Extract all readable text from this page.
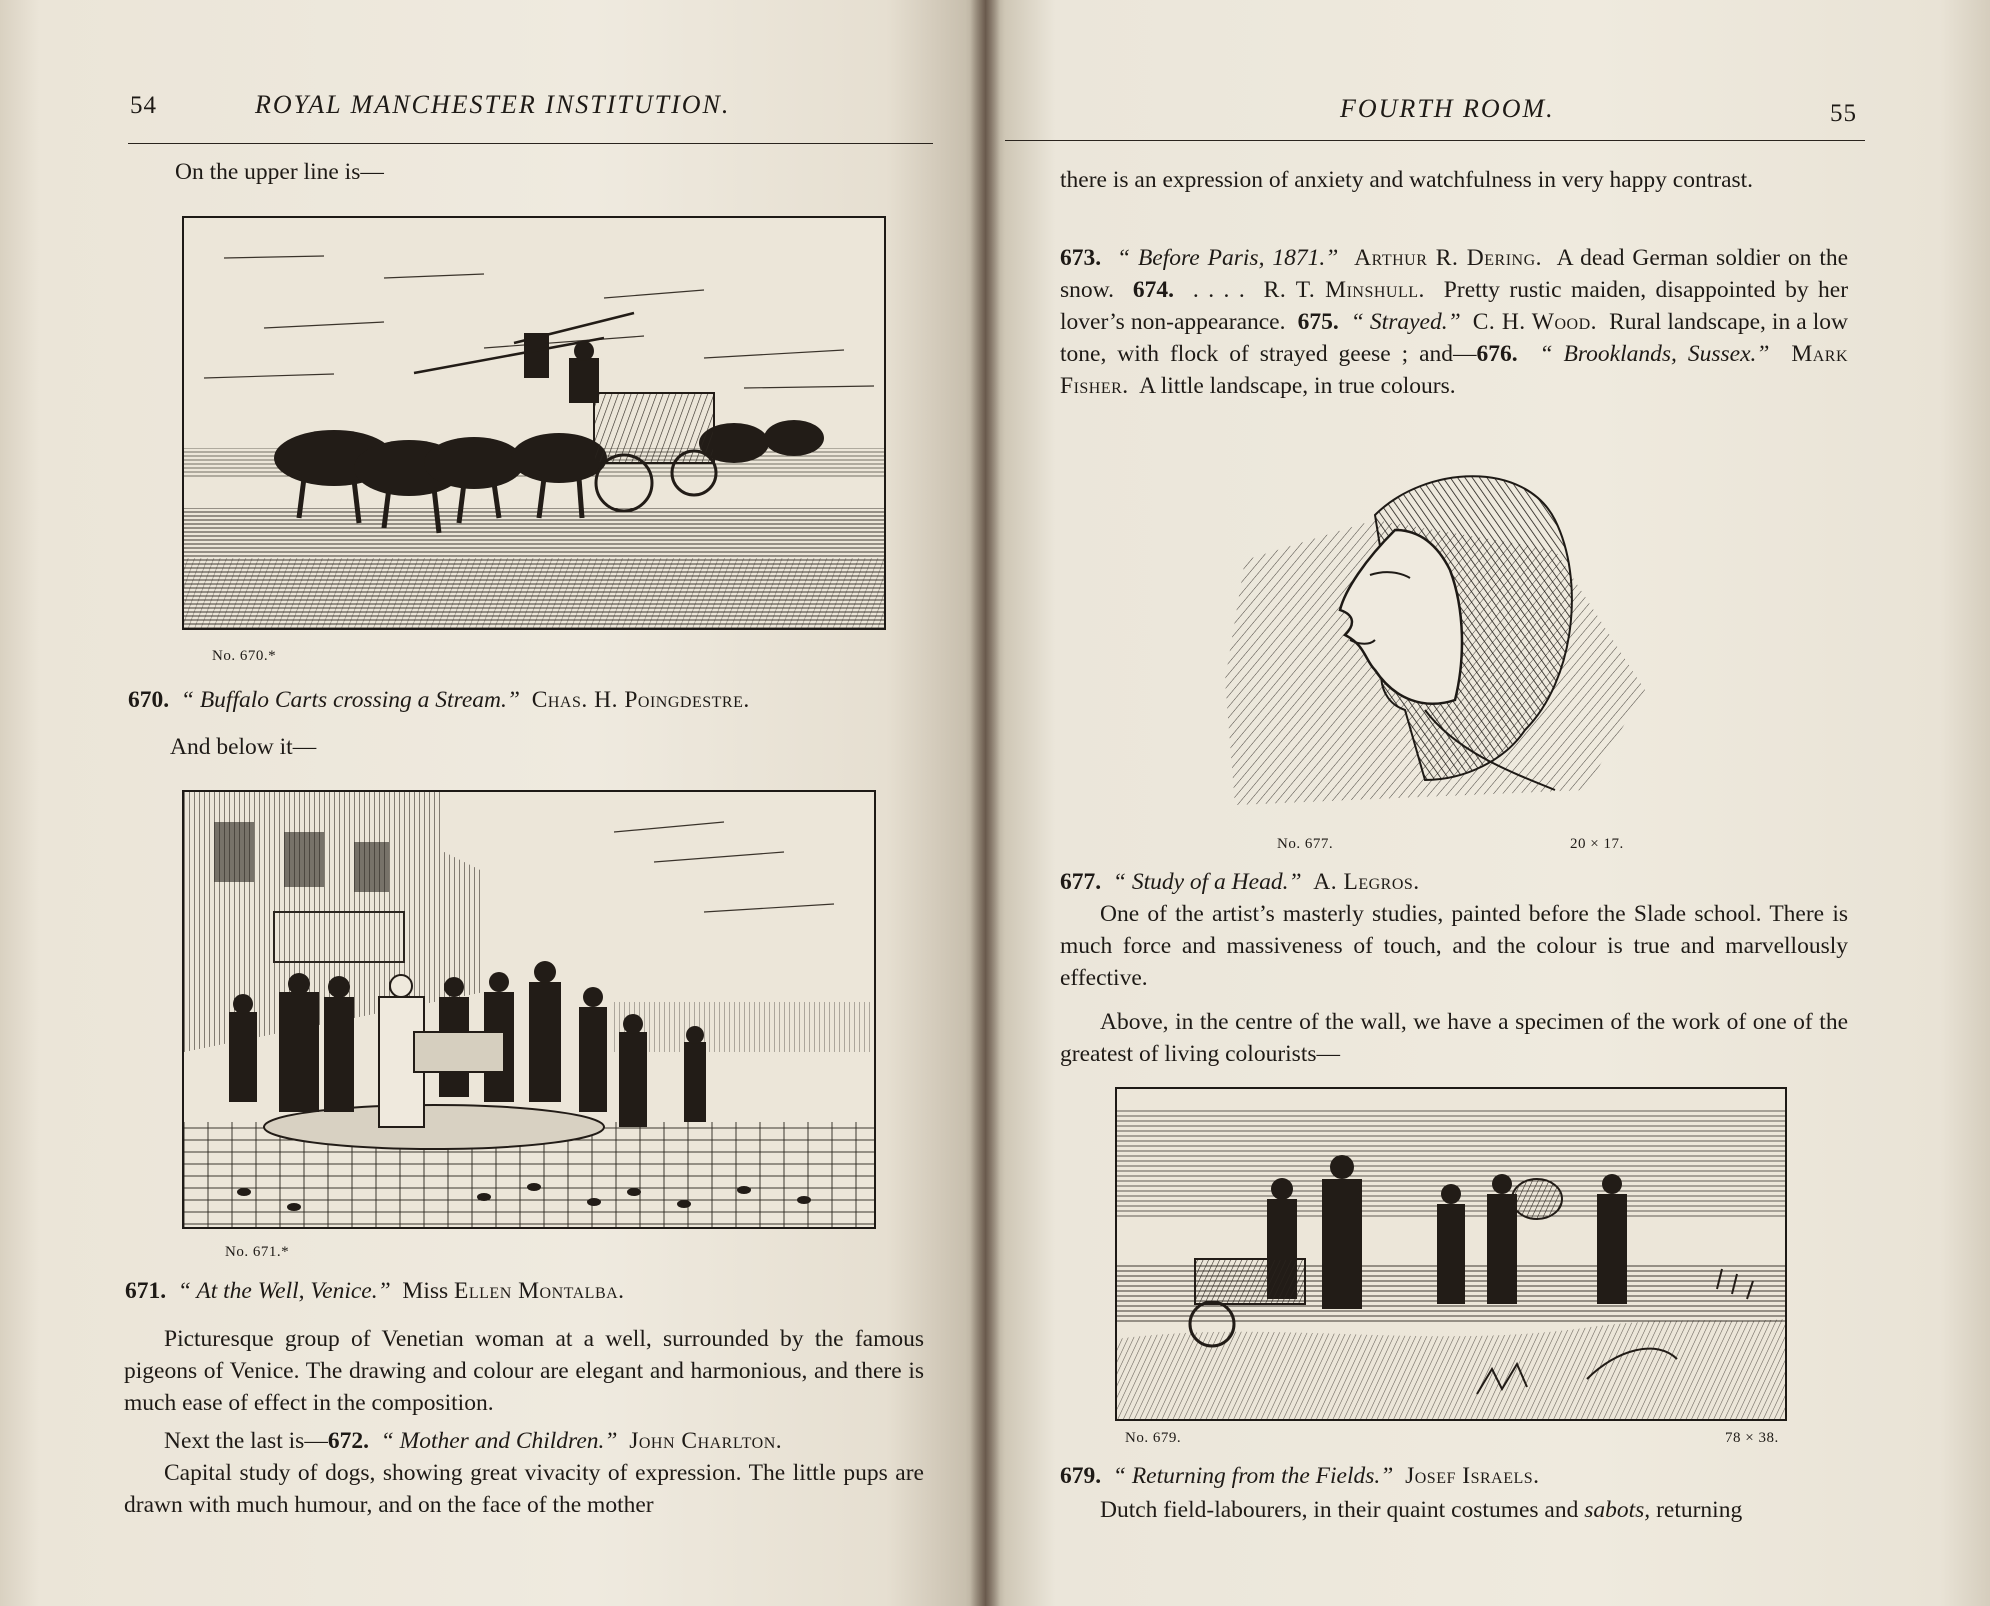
54	ROYAL MANCHESTER INSTITUTION.
On the upper line is—
No. 670.*
670. “ Buffalo Carts crossing a Stream.” Chas. H. Poingdestre.
And below it—
No. 671.*
671. “ At the Well, Venice.” Miss Ellen Montalba.

Picturesque group of Venetian woman at a well, surrounded by the famous pigeons of Venice. The drawing and colour are elegant and harmonious, and there is much ease of effect in the composition.

Next the last is—672. “ Mother and Children.” John Charlton.

Capital study of dogs, showing great vivacity of expression. The little pups are drawn with much humour, and on the face of the mother

FOURTH ROOM.	55
there is an expression of anxiety and watchfulness in very happy contrast.

673. “ Before Paris, 1871.” Arthur R. Dering. A dead German soldier on the snow. 674. . . . . R. T. Minshull. Pretty rustic maiden, disappointed by her lover’s non-appearance. 675. “ Strayed.” C. H. Wood. Rural landscape, in a low tone, with flock of strayed geese ; and—676. “ Brooklands, Sussex.” Mark Fisher. A little landscape, in true colours.

No. 677.	20 × 17.
677. “ Study of a Head.” A. Legros.

One of the artist’s masterly studies, painted before the Slade school. There is much force and massiveness of touch, and the colour is true and marvellously effective.

Above, in the centre of the wall, we have a specimen of the work of one of the greatest of living colourists—

No. 679.	78 × 38.
679. “ Returning from the Fields.” Josef Israels.

Dutch field-labourers, in their quaint costumes and sabots, returning
